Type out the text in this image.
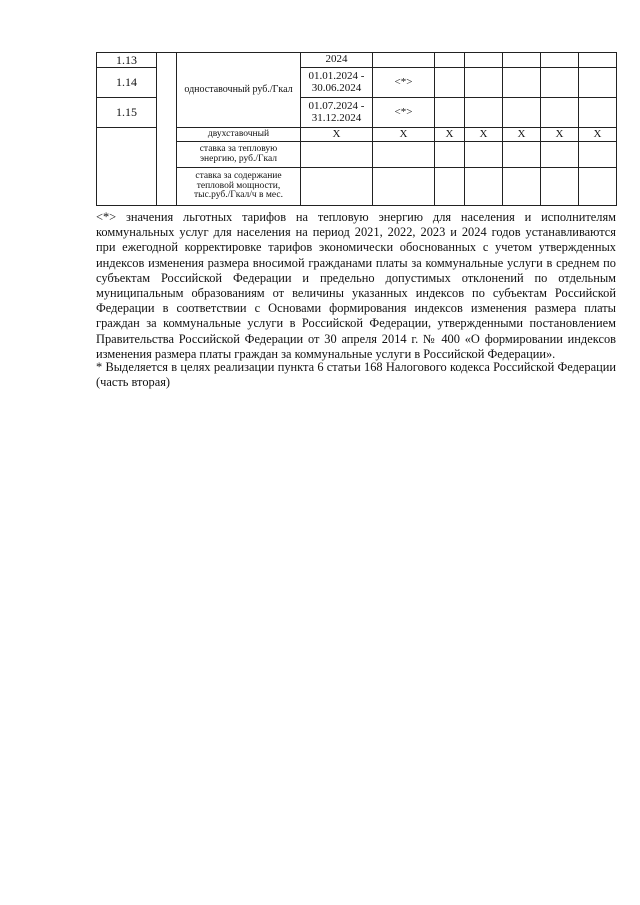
1.13		одноставочный руб./Гкал	2024							
1.14			01.01.2024 - 30.06.2024	<*>						
1.15			01.07.2024 - 31.12.2024	<*>						
		двухставочный	X	X	X	X	X	X	X	
		ставка за тепловую энергию, руб./Гкал								
		ставка за содержание тепловой мощности, тыс.руб./Гкал/ч в мес.								

<*> значения льготных тарифов на тепловую энергию для населения и исполнителям коммунальных услуг для населения на период 2021, 2022, 2023 и 2024 годов устанавливаются при ежегодной корректировке тарифов экономически обоснованных с учетом утвержденных индексов изменения размера вносимой гражданами платы за коммунальные услуги в среднем по субъектам Российской Федерации и предельно допустимых отклонений по отдельным муниципальным образованиям от величины указанных индексов по субъектам Российской Федерации в соответствии с Основами формирования индексов изменения размера платы граждан за коммунальные услуги в Российской Федерации, утвержденными постановлением Правительства Российской Федерации от 30 апреля 2014 г. № 400 «О формировании индексов изменения размера платы граждан за коммунальные услуги в Российской Федерации».

* Выделяется в целях реализации пункта 6 статьи 168 Налогового кодекса Российской Федерации (часть вторая)
